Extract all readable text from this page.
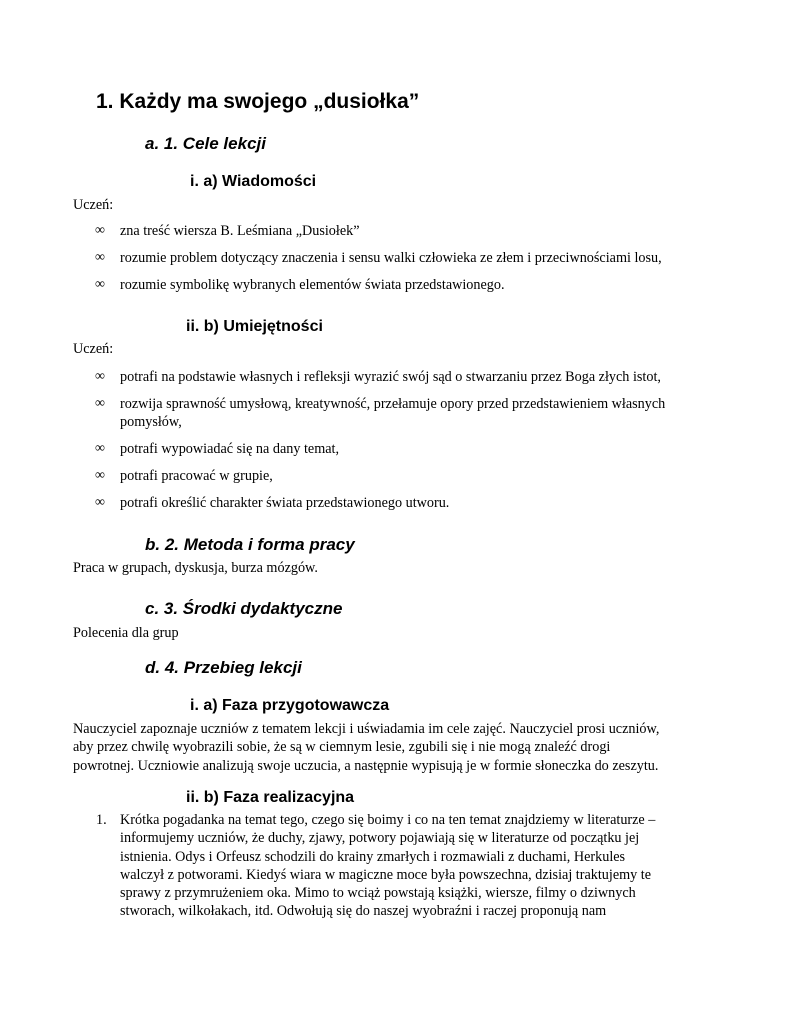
1. Każdy ma swojego „dusiołka”
a. 1. Cele lekcji
i. a) Wiadomości
Uczeń:
∞ zna treść wiersza B. Leśmiana „Dusiołek”
∞ rozumie problem dotyczący znaczenia i sensu walki człowieka ze złem i przeciwnościami losu,
∞ rozumie symbolikę wybranych elementów świata przedstawionego.
ii. b) Umiejętności
Uczeń:
∞ potrafi na podstawie własnych i refleksji wyrazić swój sąd o stwarzaniu przez Boga złych istot,
∞ rozwija sprawność umysłową, kreatywność, przełamuje opory przed przedstawieniem własnych
pomysłów,
∞ potrafi wypowiadać się na dany temat,
∞ potrafi pracować w grupie,
∞ potrafi określić charakter świata przedstawionego utworu.
b. 2. Metoda i forma pracy
Praca w grupach, dyskusja, burza mózgów.
c. 3. Środki dydaktyczne
Polecenia dla grup
d. 4. Przebieg lekcji
i. a) Faza przygotowawcza
Nauczyciel zapoznaje uczniów z tematem lekcji i uświadamia im cele zajęć. Nauczyciel prosi uczniów,
aby przez chwilę wyobrazili sobie, że są w ciemnym lesie, zgubili się i nie mogą znaleźć drogi
powrotnej. Uczniowie analizują swoje uczucia, a następnie wypisują je w formie słoneczka do zeszytu.
ii. b) Faza realizacyjna
1. Krótka pogadanka na temat tego, czego się boimy i co na ten temat znajdziemy w literaturze –
informujemy uczniów, że duchy, zjawy, potwory pojawiają się w literaturze od początku jej
istnienia. Odys i Orfeusz schodzili do krainy zmarłych i rozmawiali z duchami, Herkules
walczył z potworami. Kiedyś wiara w magiczne moce była powszechna, dzisiaj traktujemy te
sprawy z przymrużeniem oka. Mimo to wciąż powstają książki, wiersze, filmy o dziwnych
stworach, wilkołakach, itd. Odwołują się do naszej wyobraźni i raczej proponują nam
